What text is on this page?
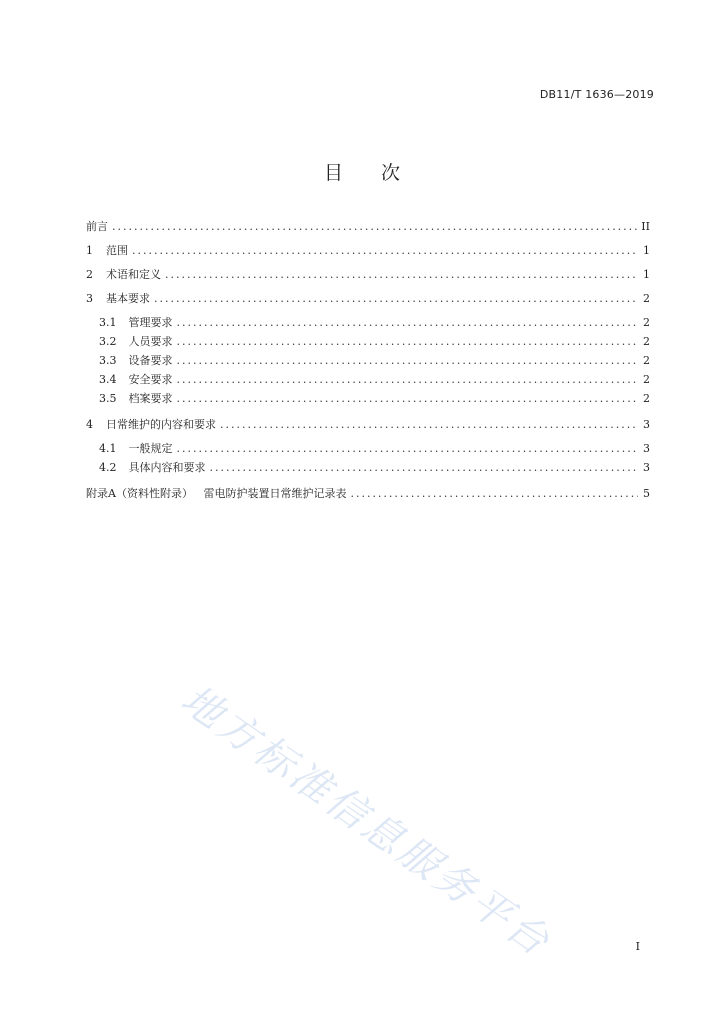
DB11/T 1636—2019
目 次
前言 .....	II
1 范围 .....	1
2 术语和定义 .....	1
3 基本要求 .....	2
3.1 管理要求 .....	2
3.2 人员要求 .....	2
3.3 设备要求 .....	2
3.4 安全要求 .....	2
3.5 档案要求 .....	2
4 日常维护的内容和要求 .....	3
4.1 一般规定 .....	3
4.2 具体内容和要求 .....	3
附录A （资料性附录）   雷电防护装置日常维护记录表 .....	5
地方标准信息服务平台	I
